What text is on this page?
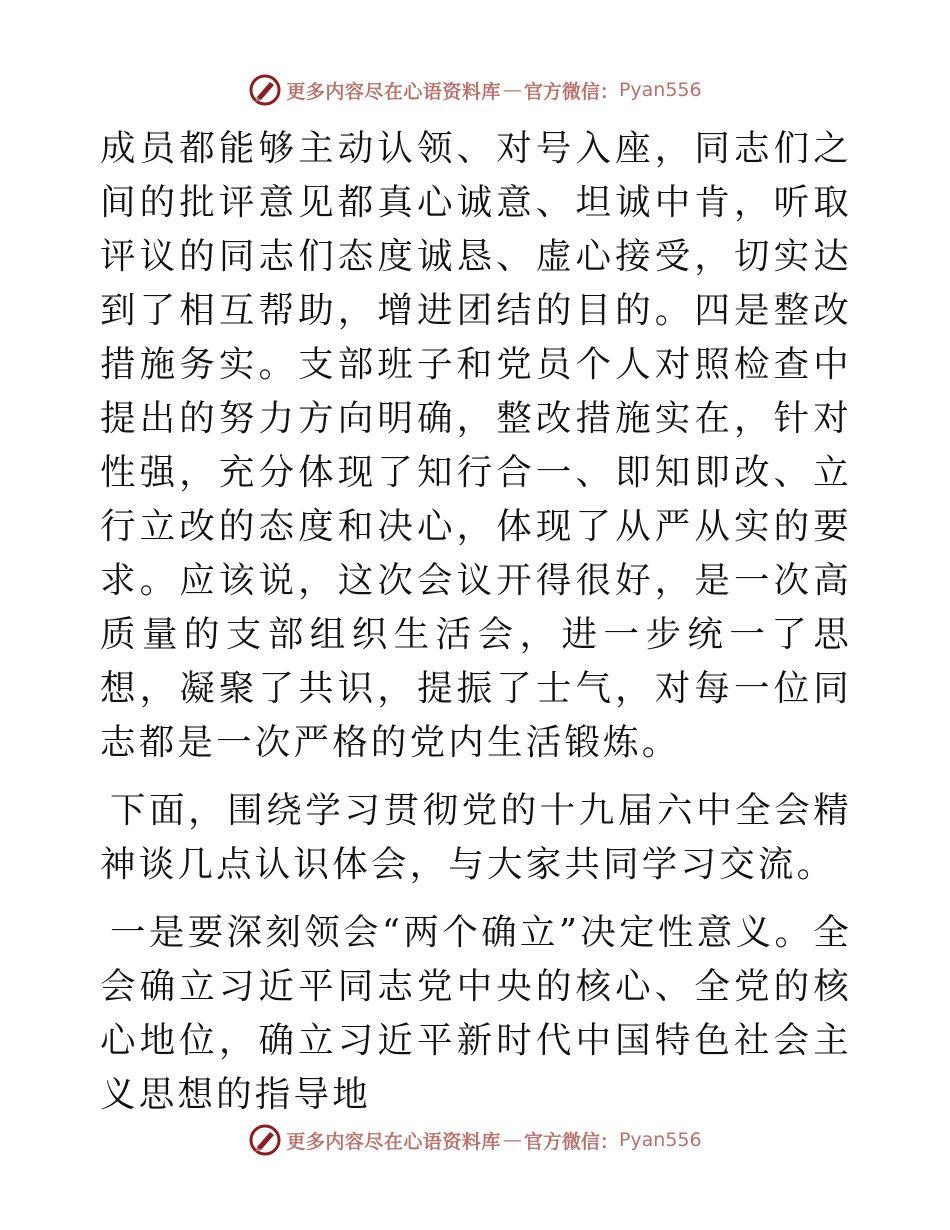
更多内容尽在心语资料库 — 官方微信： Pyan556

成员都能够主动认领、对号入座，同志们之间的批评意见都真心诚意、坦诚中肯，听取评议的同志们态度诚恳、虚心接受，切实达到了相互帮助，增进团结的目的。四是整改措施务实。支部班子和党员个人对照检查中提出的努力方向明确，整改措施实在，针对性强，充分体现了知行合一、即知即改、立行立改的态度和决心，体现了从严从实的要求。应该说，这次会议开得很好，是一次高质量的支部组织生活会，进一步统一了思想，凝聚了共识，提振了士气，对每一位同志都是一次严格的党内生活锻炼。

下面，围绕学习贯彻党的十九届六中全会精神谈几点认识体会，与大家共同学习交流。

一是要深刻领会“两个确立”决定性意义。全会确立习近平同志党中央的核心、全党的核心地位，确立习近平新时代中国特色社会主义思想的指导地

更多内容尽在心语资料库 — 官方微信： Pyan556
